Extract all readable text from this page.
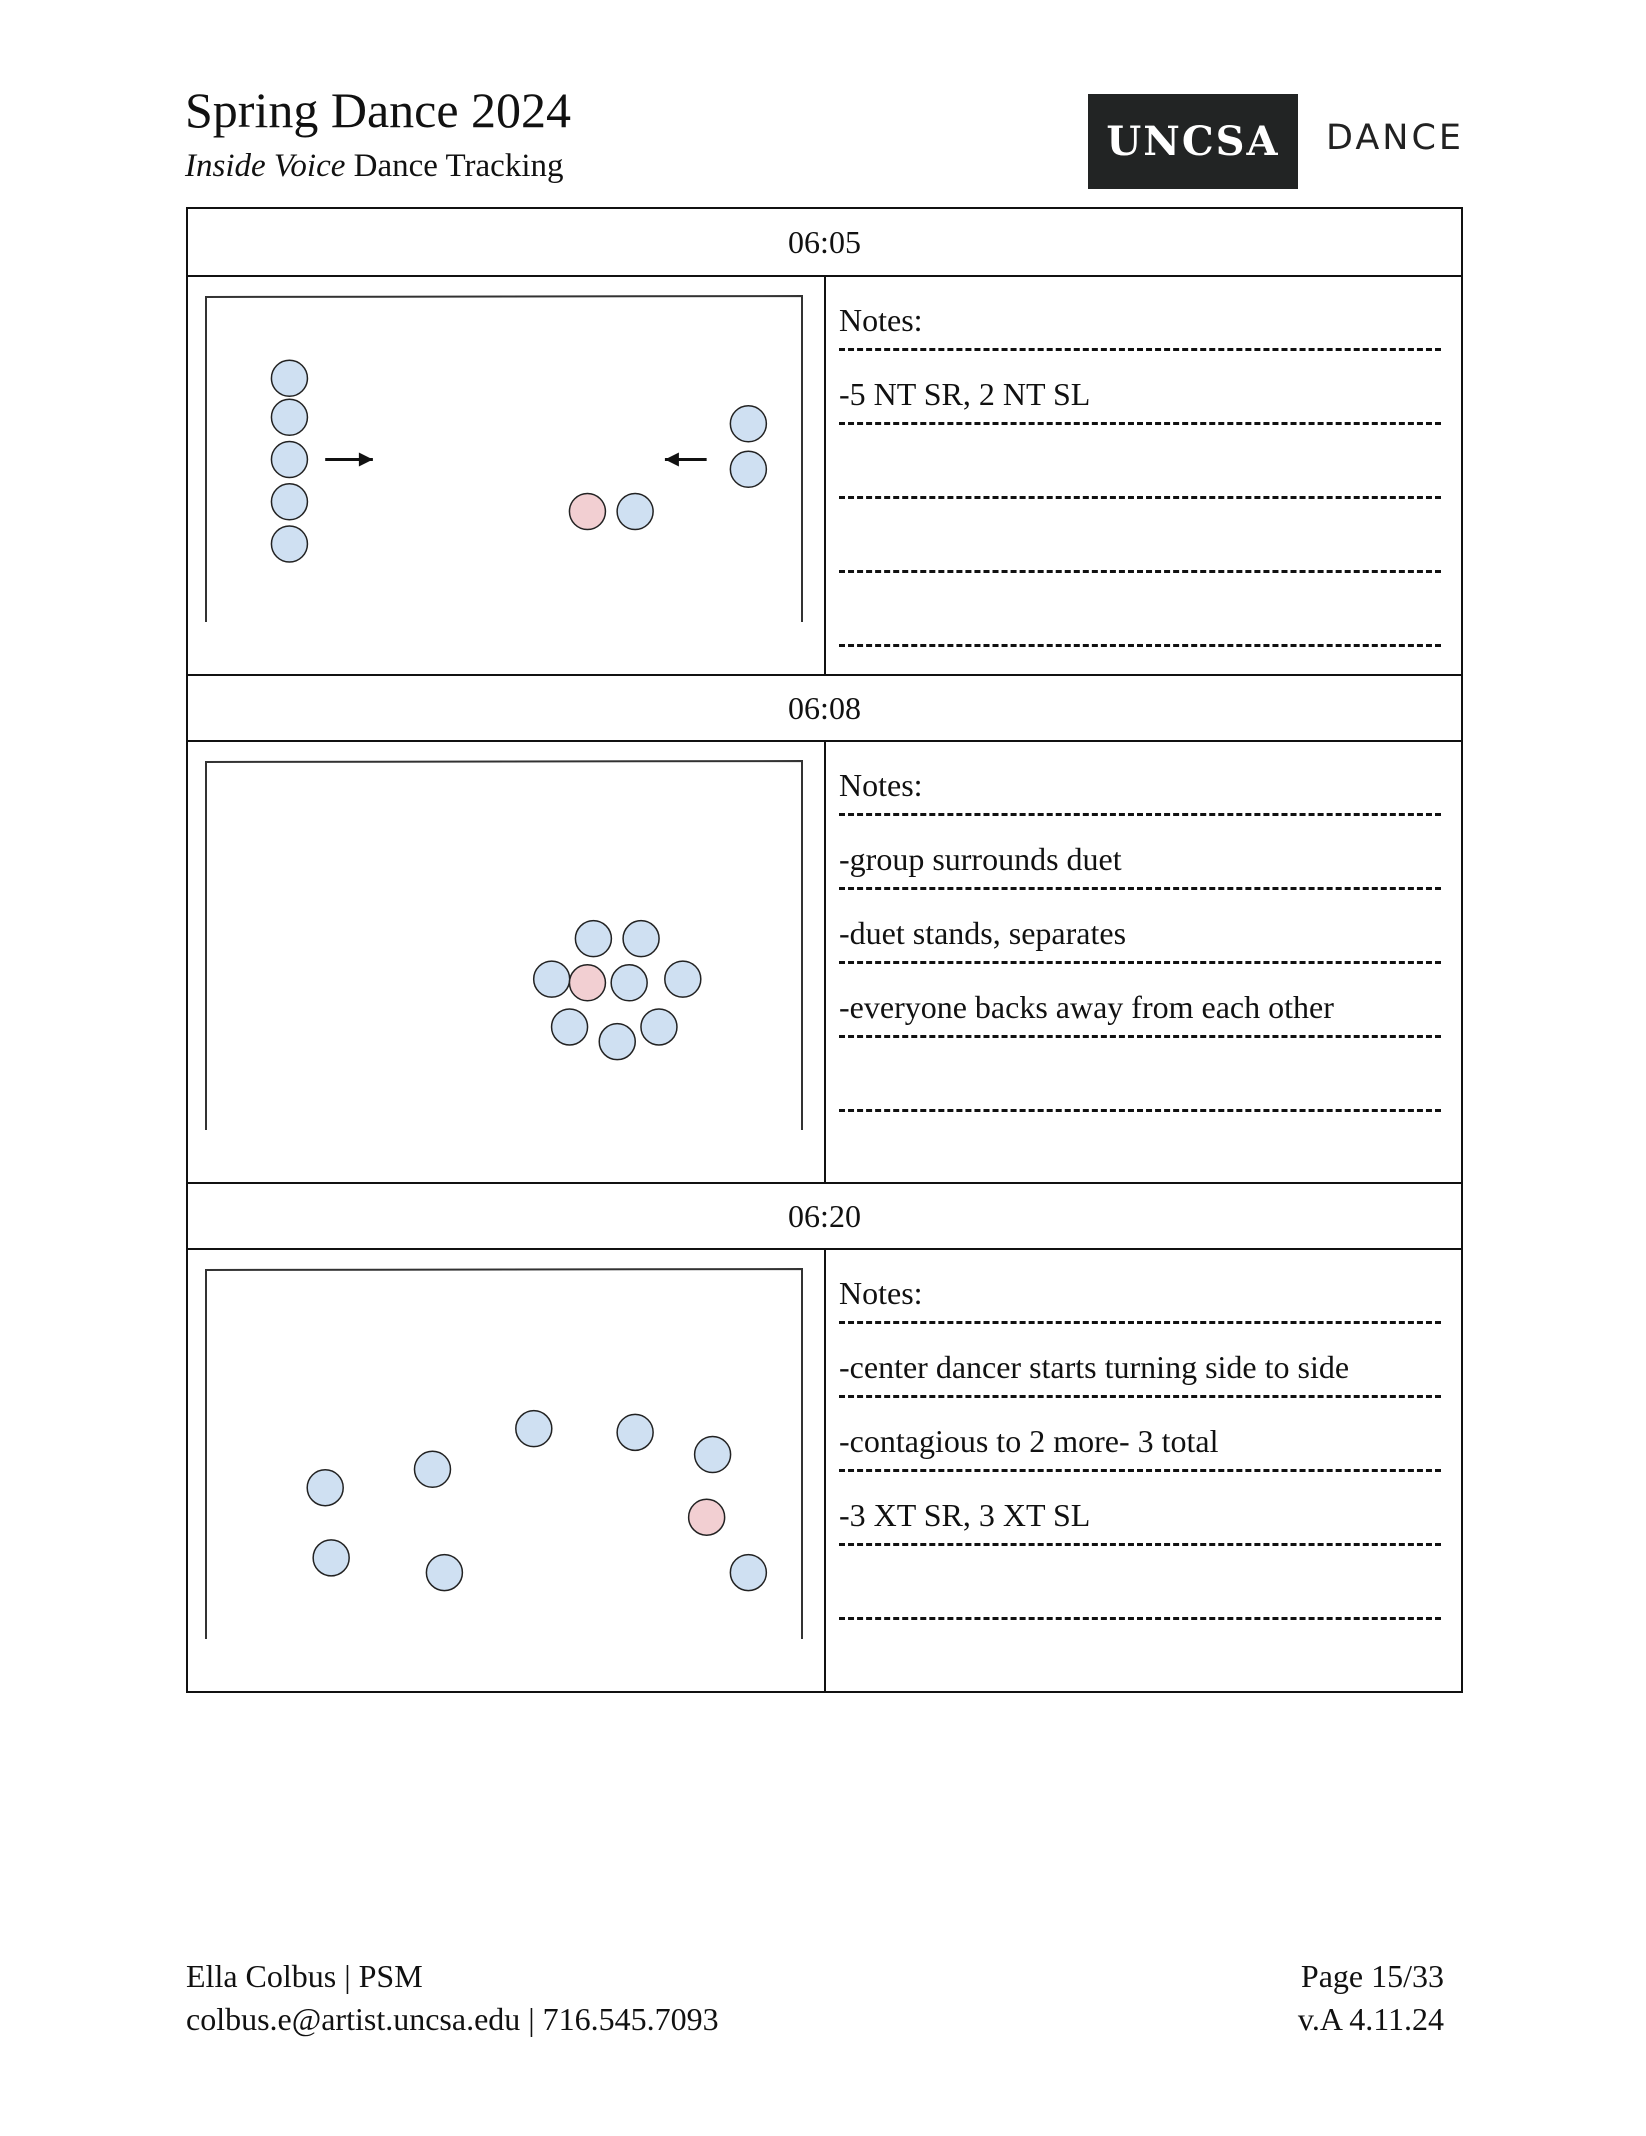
Spring Dance 2024
Inside Voice Dance Tracking
UNCSA DANCE
06:05
Notes:
-5 NT SR, 2 NT SL
06:08
Notes:
-group surrounds duet
-duet stands, separates
-everyone backs away from each other
06:20
Notes:
-center dancer starts turning side to side
-contagious to 2 more- 3 total
-3 XT SR, 3 XT SL
Ella Colbus | PSM
colbus.e@artist.uncsa.edu | 716.545.7093
Page 15/33
v.A 4.11.24
